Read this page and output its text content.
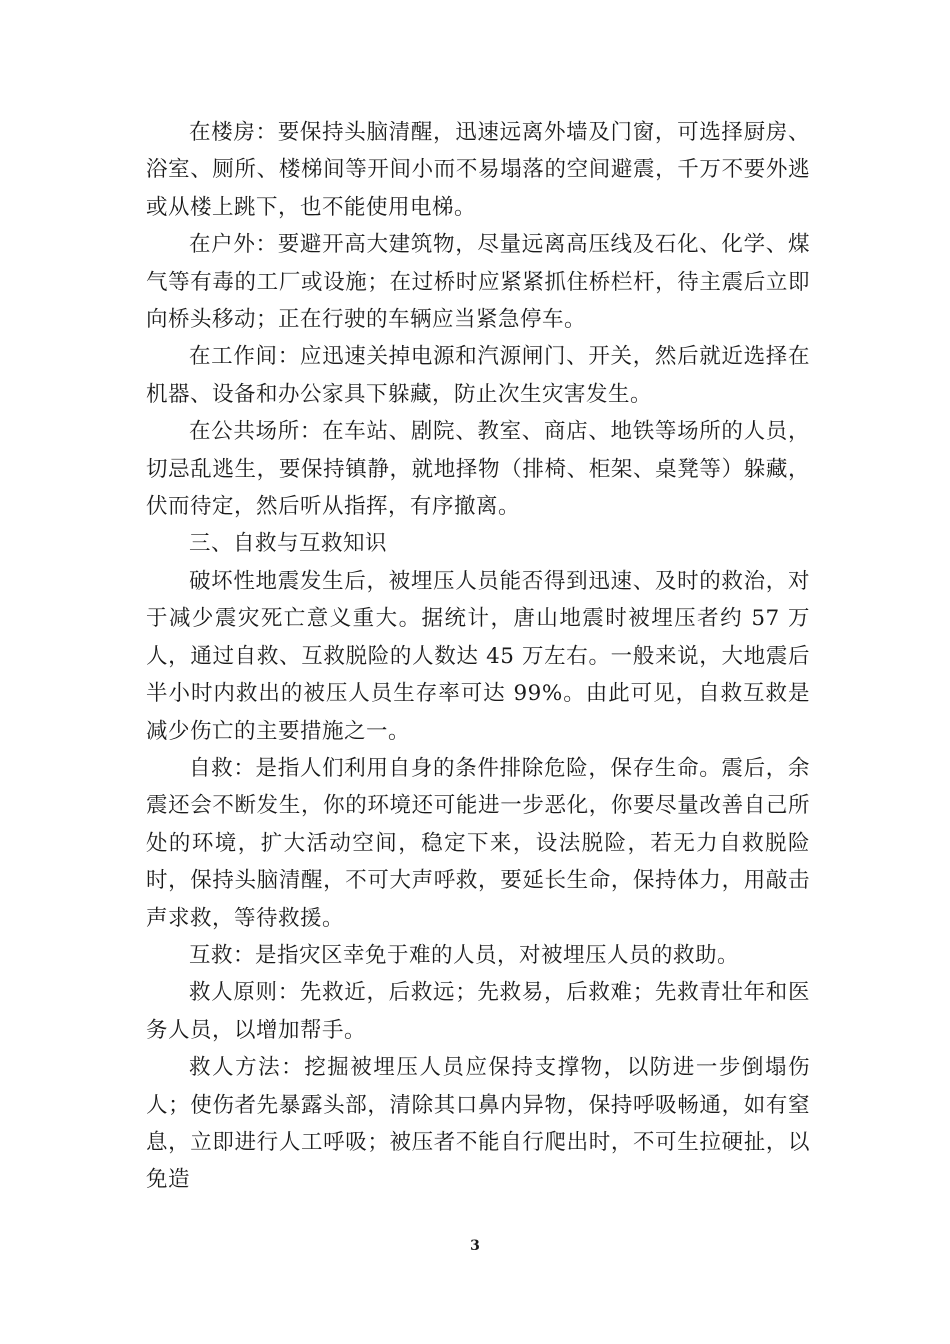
在楼房：要保持头脑清醒，迅速远离外墙及门窗，可选择厨房、浴室、厕所、楼梯间等开间小而不易塌落的空间避震，千万不要外逃或从楼上跳下，也不能使用电梯。

在户外：要避开高大建筑物，尽量远离高压线及石化、化学、煤气等有毒的工厂或设施；在过桥时应紧紧抓住桥栏杆，待主震后立即向桥头移动；正在行驶的车辆应当紧急停车。

在工作间：应迅速关掉电源和汽源闸门、开关，然后就近选择在机器、设备和办公家具下躲藏，防止次生灾害发生。

在公共场所：在车站、剧院、教室、商店、地铁等场所的人员，切忌乱逃生，要保持镇静，就地择物（排椅、柜架、桌凳等）躲藏，伏而待定，然后听从指挥，有序撤离。

三、自救与互救知识

破坏性地震发生后，被埋压人员能否得到迅速、及时的救治，对于减少震灾死亡意义重大。据统计，唐山地震时被埋压者约 57 万人，通过自救、互救脱险的人数达 45 万左右。一般来说，大地震后半小时内救出的被压人员生存率可达 99%。由此可见，自救互救是减少伤亡的主要措施之一。

自救：是指人们利用自身的条件排除危险，保存生命。震后，余震还会不断发生，你的环境还可能进一步恶化，你要尽量改善自己所处的环境，扩大活动空间，稳定下来，设法脱险，若无力自救脱险时，保持头脑清醒，不可大声呼救，要延长生命，保持体力，用敲击声求救，等待救援。

互救：是指灾区幸免于难的人员，对被埋压人员的救助。

救人原则：先救近，后救远；先救易，后救难；先救青壮年和医务人员，以增加帮手。

救人方法：挖掘被埋压人员应保持支撑物，以防进一步倒塌伤人；使伤者先暴露头部，清除其口鼻内异物，保持呼吸畅通，如有窒息，立即进行人工呼吸；被压者不能自行爬出时，不可生拉硬扯，以免造

3
